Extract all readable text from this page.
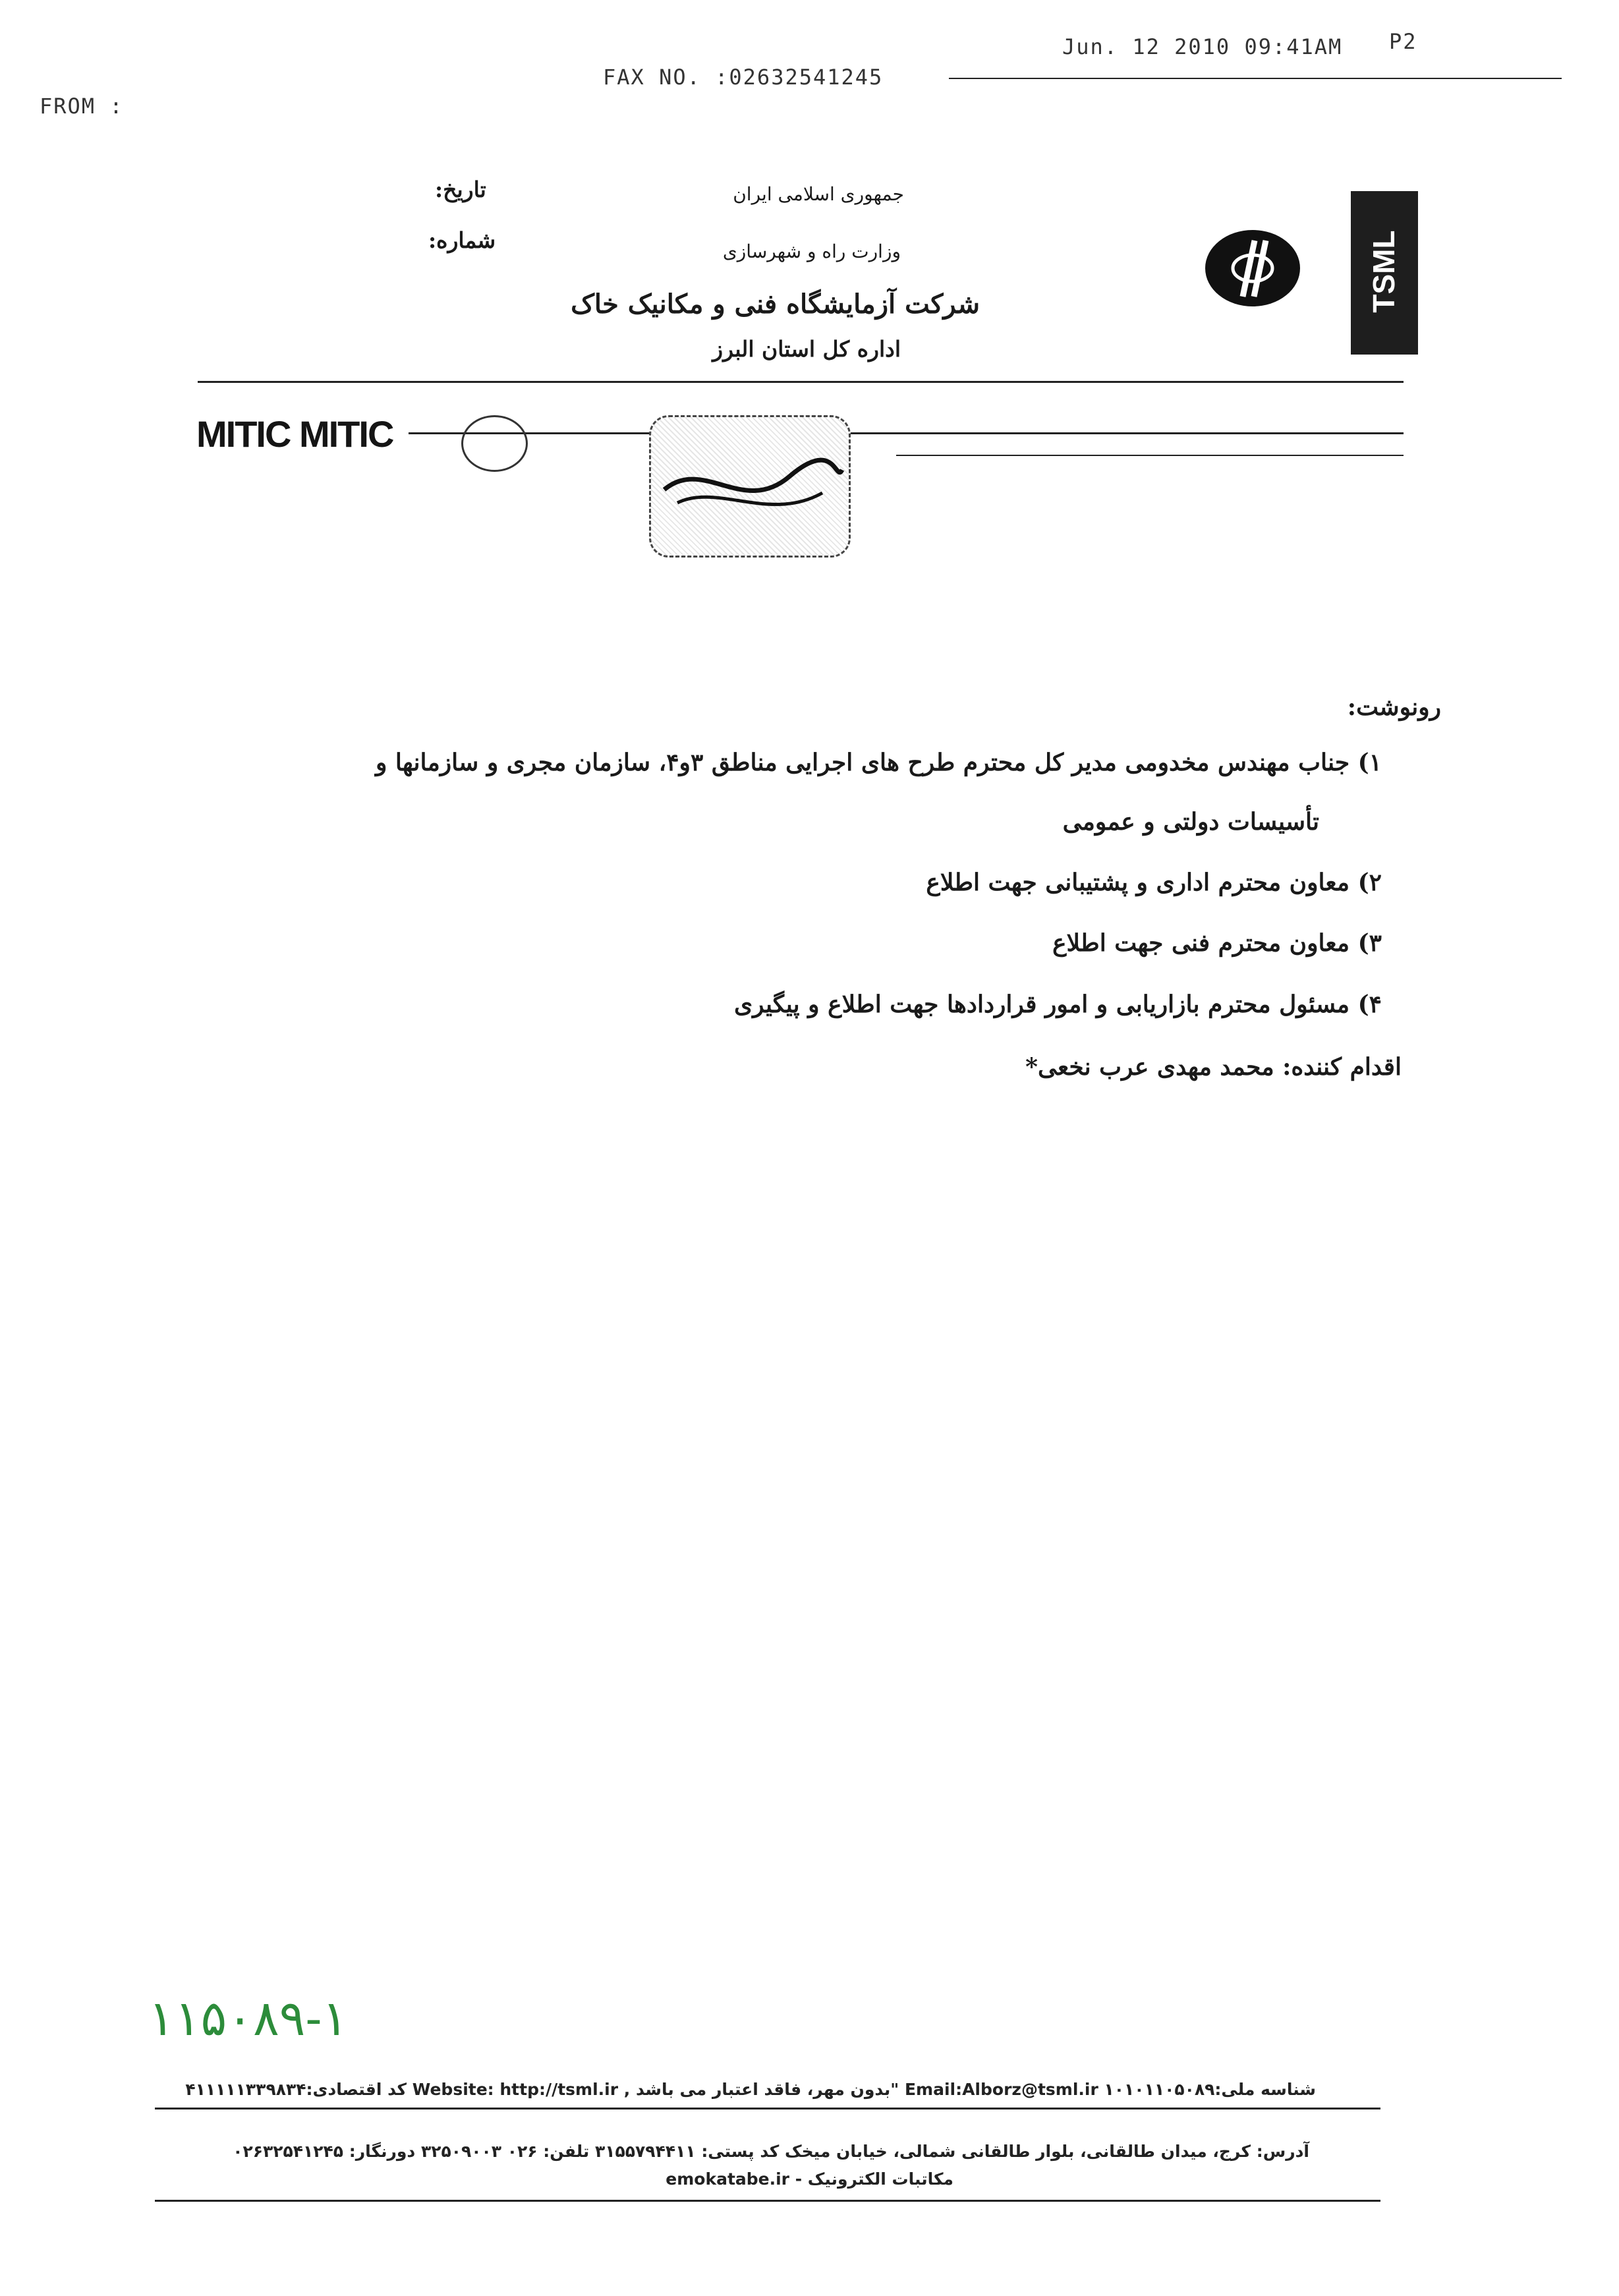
FROM :
FAX NO. :02632541245
Jun. 12 2010 09:41AM P2
TSML
جمهوری اسلامی ایران
وزارت راه و شهرسازی
شرکت آزمایشگاه فنی و مکانیک خاک
اداره کل استان البرز
تاریخ:
شماره:
MITIC MITIC
رونوشت:
۱) جناب مهندس مخدومی مدیر کل محترم طرح های اجرایی مناطق ۳و۴، سازمان مجری و سازمانها و
تأسیسات دولتی و عمومی
۲) معاون محترم اداری و پشتیبانی جهت اطلاع
۳) معاون محترم فنی جهت اطلاع
۴) مسئول محترم بازاریابی و امور قراردادها جهت اطلاع و پیگیری
اقدام کننده: محمد مهدی عرب نخعی*
۱۱۵۰۸۹-۱
شناسه ملی:۱۰۱۰۱۱۰۵۰۸۹ Email:Alborz@tsml.ir "بدون مهر، فاقد اعتبار می باشد , Website: http://tsml.ir کد اقتصادی:۴۱۱۱۱۱۳۳۹۸۳۴
آدرس: کرج، میدان طالقانی، بلوار طالقانی شمالی، خیابان میخک کد پستی: ۳۱۵۵۷۹۴۴۱۱ تلفن: ۰۲۶ ۳۲۵۰۹۰۰۳ دورنگار: ۰۲۶۳۲۵۴۱۲۴۵
مکاتبات الکترونیک - emokatabe.ir
